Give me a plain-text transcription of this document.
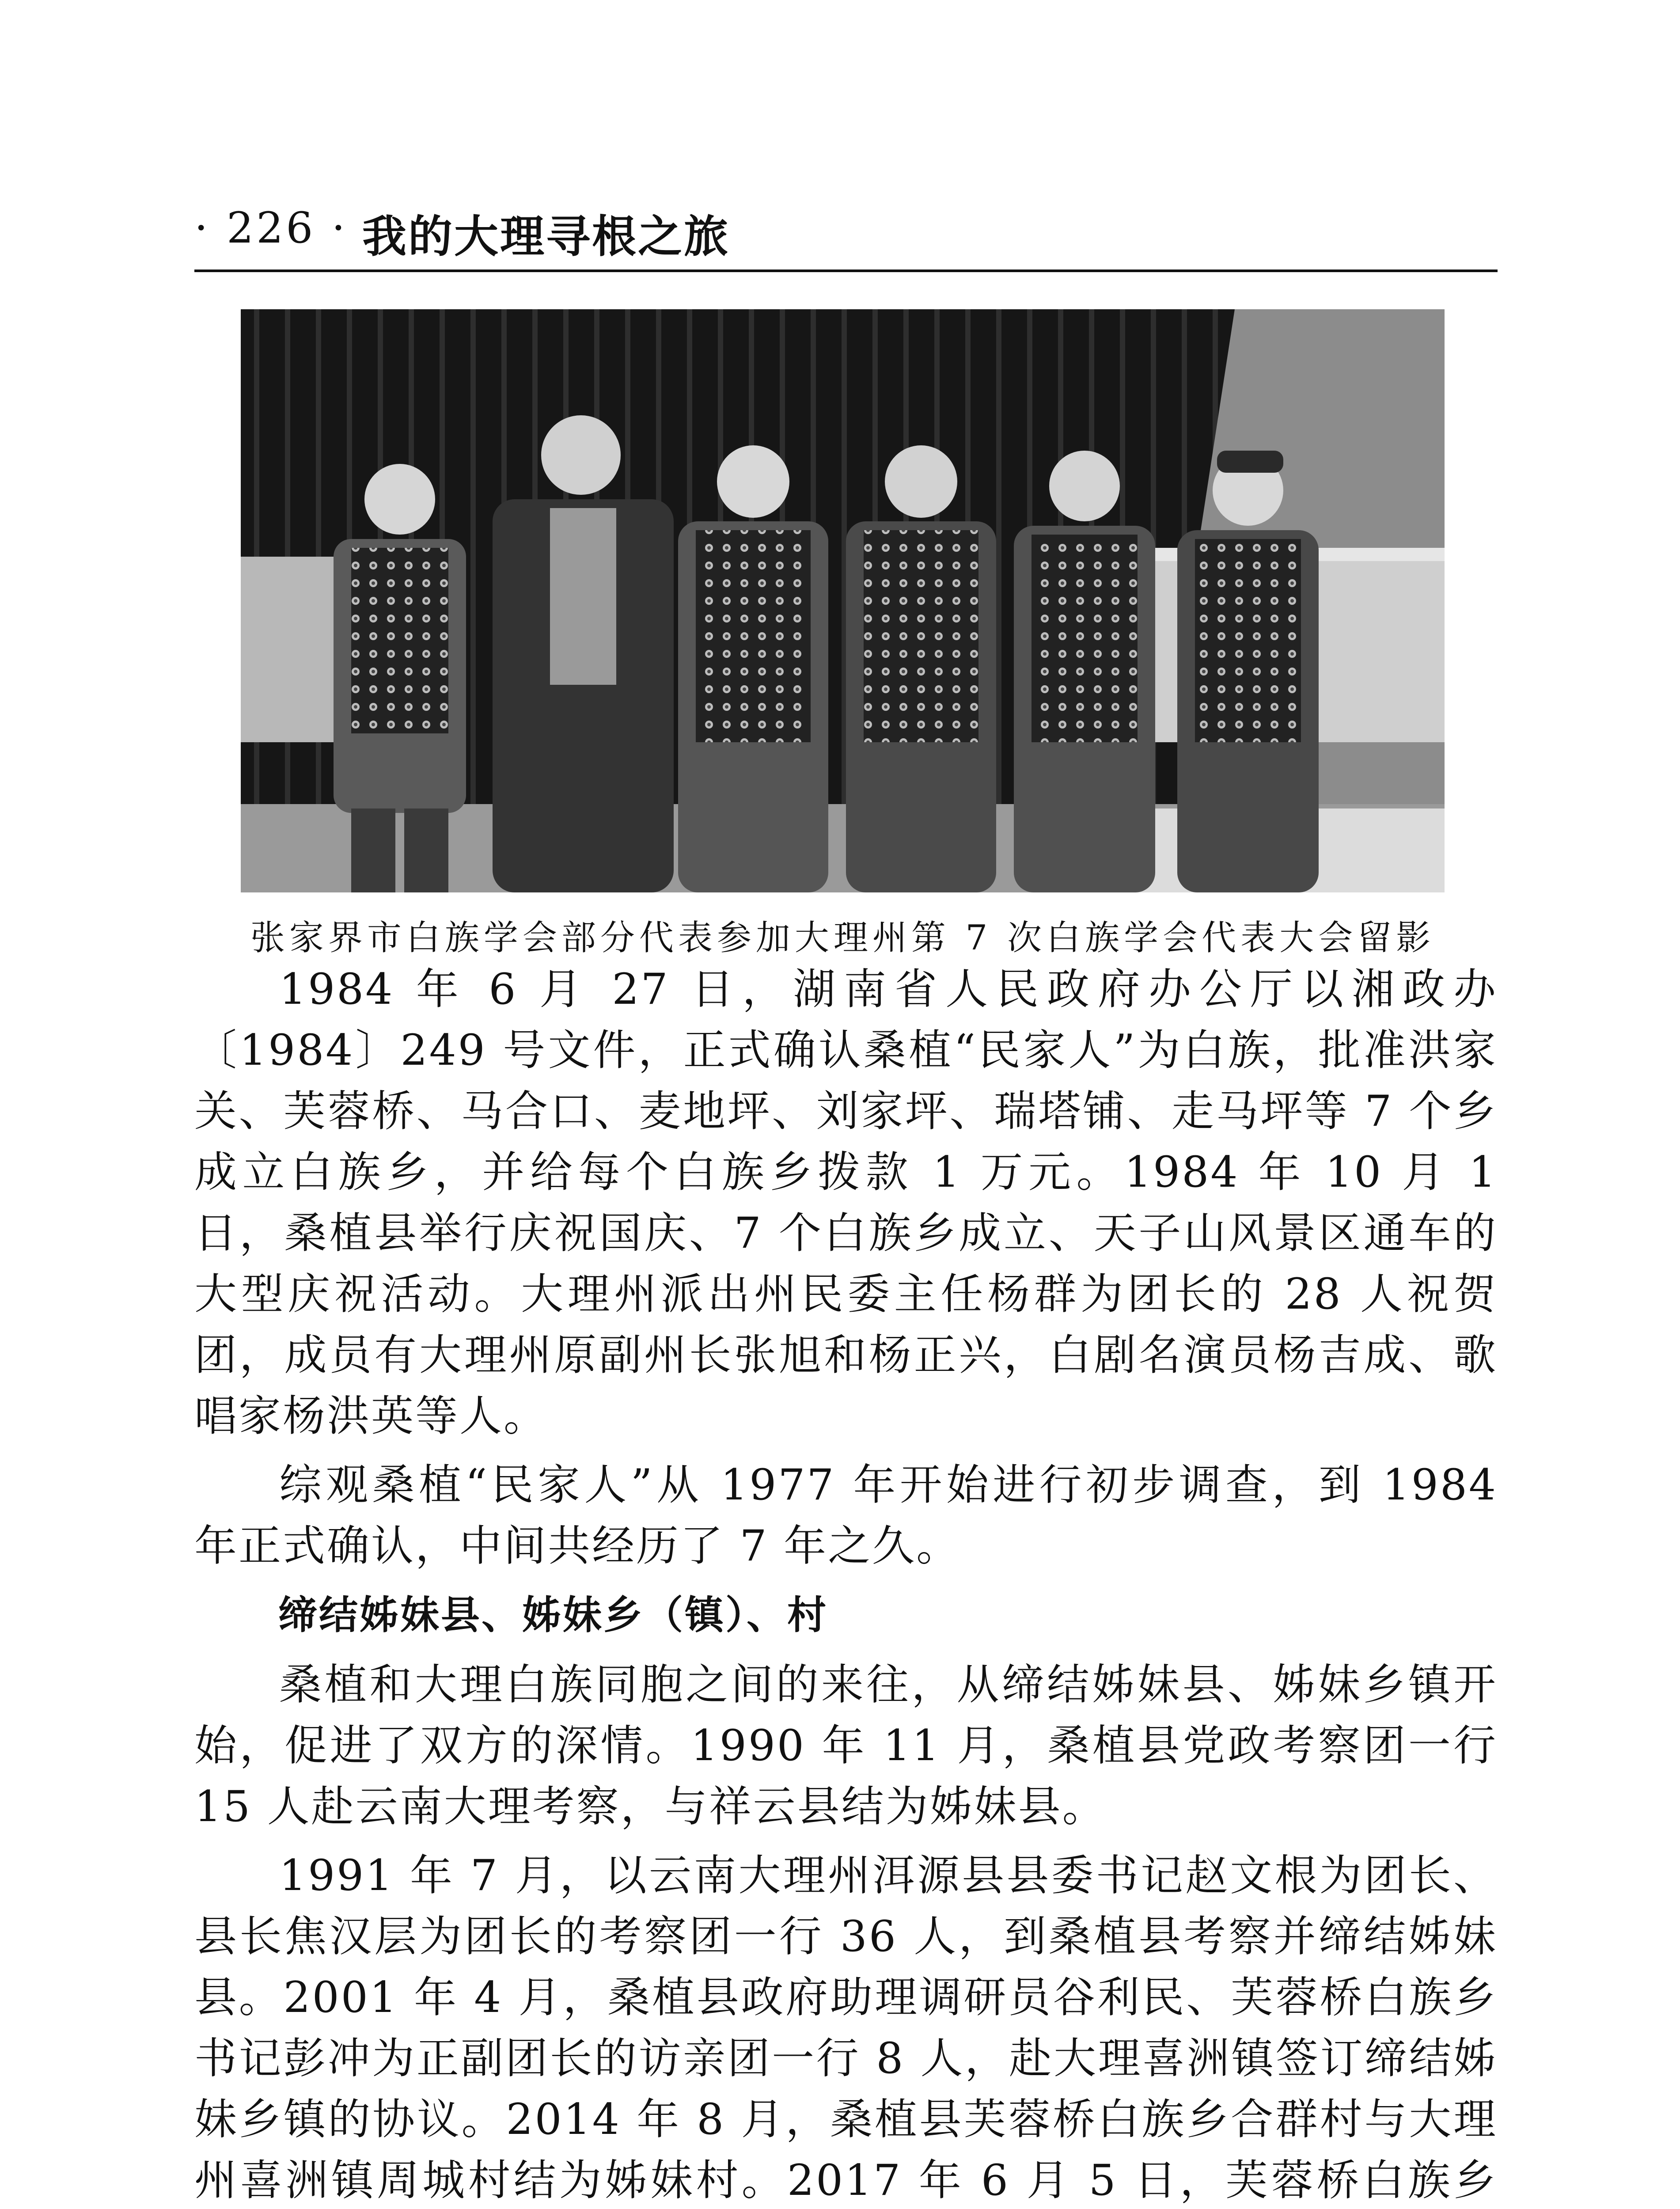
· 226 · 我的大理寻根之旅
张家界市白族学会部分代表参加大理州第 7 次白族学会代表大会留影

1984 年 6 月 27 日，湖南省人民政府办公厅以湘政办〔1984〕249 号文件，正式确认桑植“民家人”为白族，批准洪家关、芙蓉桥、马合口、麦地坪、刘家坪、瑞塔铺、走马坪等 7 个乡成立白族乡，并给每个白族乡拨款 1 万元。1984 年 10 月 1 日，桑植县举行庆祝国庆、7 个白族乡成立、天子山风景区通车的大型庆祝活动。大理州派出州民委主任杨群为团长的 28 人祝贺团，成员有大理州原副州长张旭和杨正兴，白剧名演员杨吉成、歌唱家杨洪英等人。

综观桑植“民家人”从 1977 年开始进行初步调查，到 1984 年正式确认，中间共经历了 7 年之久。

缔结姊妹县、姊妹乡（镇）、村

桑植和大理白族同胞之间的来往，从缔结姊妹县、姊妹乡镇开始，促进了双方的深情。1990 年 11 月，桑植县党政考察团一行 15 人赴云南大理考察，与祥云县结为姊妹县。

1991 年 7 月，以云南大理州洱源县县委书记赵文根为团长、县长焦汉层为团长的考察团一行 36 人，到桑植县考察并缔结姊妹县。2001 年 4 月，桑植县政府助理调研员谷利民、芙蓉桥白族乡书记彭冲为正副团长的访亲团一行 8 人，赴大理喜洲镇签订缔结姊妹乡镇的协议。2014 年 8 月，桑植县芙蓉桥白族乡合群村与大理州喜洲镇周城村结为姊妹村。2017 年 6 月 5 日，芙蓉桥白族乡
